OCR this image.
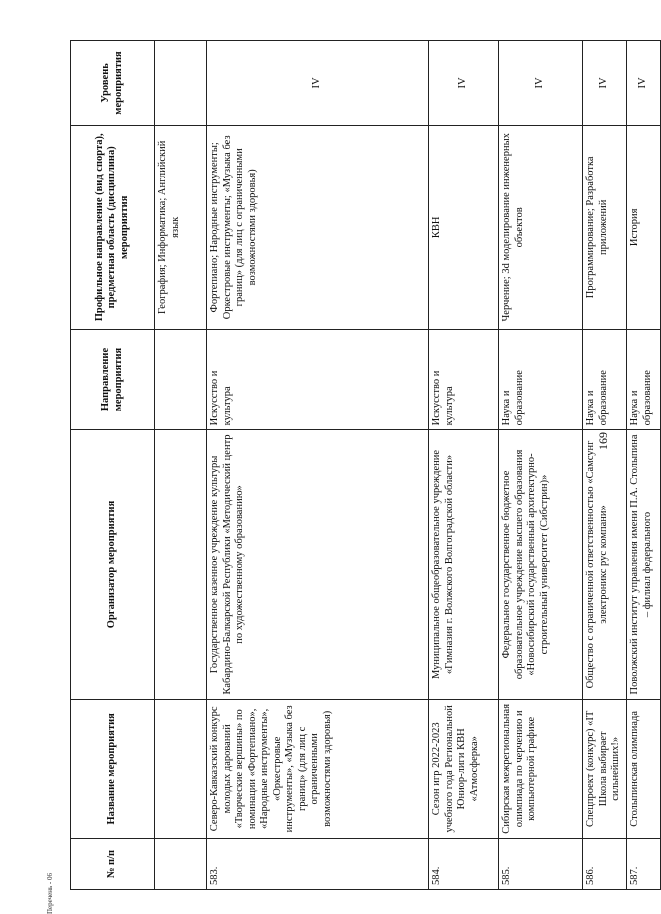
№ п/п	Название мероприятия	Организатор мероприятия	Направление мероприятия	Профильное направление (вид спорта), предметная область (дисциплина) мероприятия	Уровень мероприятия
				География; Информатика; Английский язык	
583.	Северо-Кавказский конкурс молодых дарований «Творческие вершины» по номинации «Фортепиано», «Народные инструменты», «Оркестровые инструменты», «Музыка без границ» (для лиц с ограниченными возможностями здоровья)	Государственное казенное учреждение культуры Кабардино-Балкарской Республики «Методический центр по художественному образованию»	Искусство и культура	Фортепиано; Народные инструменты; Оркестровые инструменты; «Музыка без границ» (для лиц с ограниченными возможностями здоровья)	IV
584.	Сезон игр 2022-2023 учебного года Региональной Юниор-лиги КВН «Атмосферка»	Муниципальное общеобразовательное учреждение «Гимназия г. Волжского Волгоградской области»	Искусство и культура	КВН	IV
585.	Сибирская межрегиональная олимпиада по черчению и компьютерной графике	Федеральное государственное бюджетное образовательное учреждение высшего образования «Новосибирский государственный архитектурно-строительный университет (Сибстрин)»	Наука и образование	Черчение; 3d моделирование инженерных объектов	IV
586.	Спецпроект (конкурс) «IT Школа выбирает сильнейших!»	Общество с ограниченной ответственностью «Самсунг электроникс рус компани»	Наука и образование	Программирование; Разработка приложений	IV
587.	Столыпинская олимпиада	Поволжский институт управления имени П.А. Столыпина – филиал федерального	Наука и образование	История	IV
169
Перечень - 06
